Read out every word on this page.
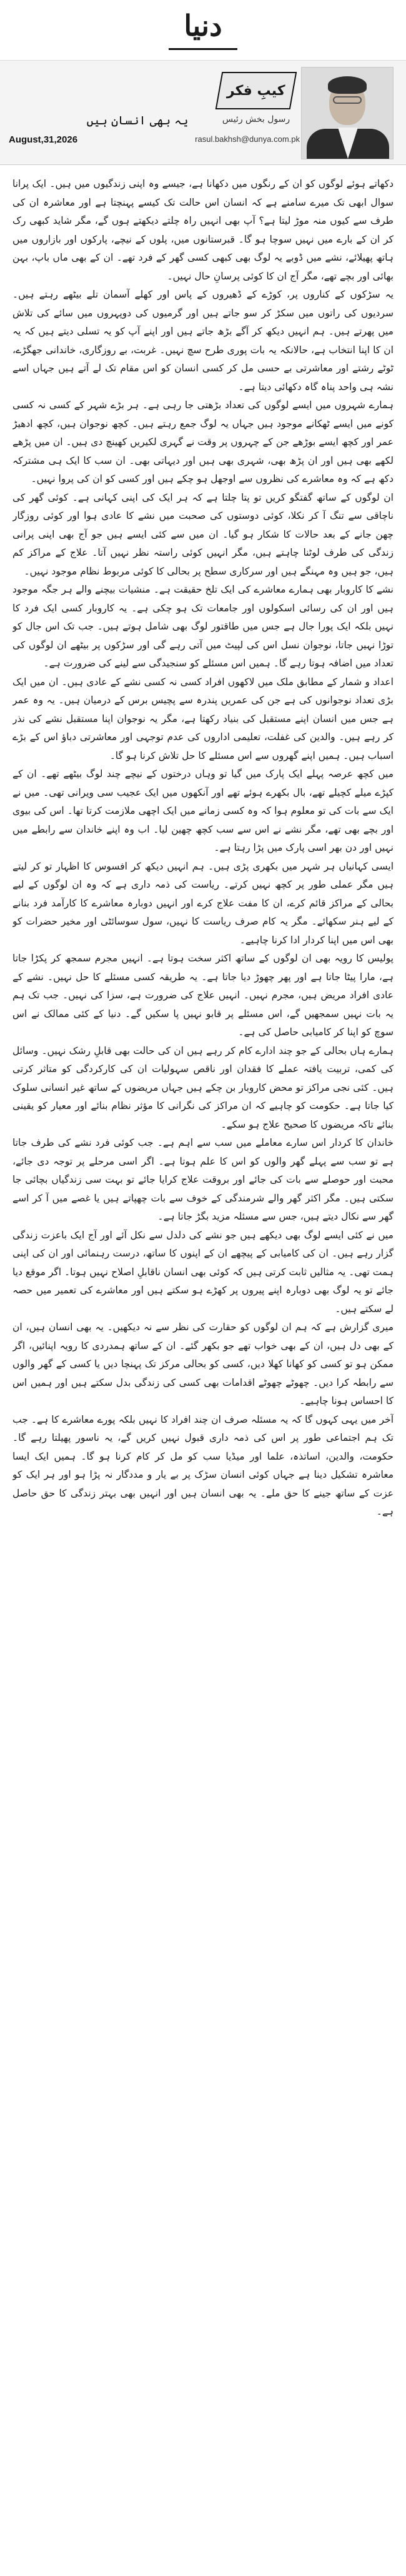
دنیا
کیبِ فکر
رسول بخش رئیس
یہ بھی انسان ہیں
August,31,2026	rasul.bakhsh@dunya.com.pk

دکھاتے ہوئے لوگوں کو ان کے رنگوں میں دکھانا ہے، جیسے وہ اپنی زندگیوں میں ہیں۔ ایک پرانا سوال ابھی تک میرے سامنے ہے کہ انسان اس حالت تک کیسے پہنچتا ہے اور معاشرہ ان کی طرف سے کیوں منہ موڑ لیتا ہے؟ آپ بھی انہیں راہ چلتے دیکھتے ہوں گے، مگر شاید کبھی رک کر ان کے بارے میں نہیں سوچا ہو گا۔ قبرستانوں میں، پلوں کے نیچے، پارکوں اور بازاروں میں ہاتھ پھیلائے، نشے میں ڈوبے یہ لوگ بھی کبھی کسی گھر کے فرد تھے۔ ان کے بھی ماں باپ، بہن بھائی اور بچے تھے، مگر آج ان کا کوئی پرسانِ حال نہیں۔

یہ سڑکوں کے کناروں پر، کوڑے کے ڈھیروں کے پاس اور کھلے آسمان تلے بیٹھے رہتے ہیں۔ سردیوں کی راتوں میں سکڑ کر سو جاتے ہیں اور گرمیوں کی دوپہروں میں سائے کی تلاش میں پھرتے ہیں۔ ہم انہیں دیکھ کر آگے بڑھ جاتے ہیں اور اپنے آپ کو یہ تسلی دیتے ہیں کہ یہ ان کا اپنا انتخاب ہے، حالانکہ یہ بات پوری طرح سچ نہیں۔ غربت، بے روزگاری، خاندانی جھگڑے، ٹوٹے رشتے اور معاشرتی بے حسی مل کر کسی انسان کو اس مقام تک لے آتے ہیں جہاں اسے نشہ ہی واحد پناہ گاہ دکھائی دیتا ہے۔

ہمارے شہروں میں ایسے لوگوں کی تعداد بڑھتی جا رہی ہے۔ ہر بڑے شہر کے کسی نہ کسی کونے میں ایسے ٹھکانے موجود ہیں جہاں یہ لوگ جمع رہتے ہیں۔ کچھ نوجوان ہیں، کچھ ادھیڑ عمر اور کچھ ایسے بوڑھے جن کے چہروں پر وقت نے گہری لکیریں کھینچ دی ہیں۔ ان میں پڑھے لکھے بھی ہیں اور ان پڑھ بھی، شہری بھی ہیں اور دیہاتی بھی۔ ان سب کا ایک ہی مشترکہ دکھ ہے کہ وہ معاشرے کی نظروں سے اوجھل ہو چکے ہیں اور کسی کو ان کی پروا نہیں۔

ان لوگوں کے ساتھ گفتگو کریں تو پتا چلتا ہے کہ ہر ایک کی اپنی کہانی ہے۔ کوئی گھر کی ناچاقی سے تنگ آ کر نکلا، کوئی دوستوں کی صحبت میں نشے کا عادی ہوا اور کوئی روزگار چھن جانے کے بعد حالات کا شکار ہو گیا۔ ان میں سے کئی ایسے ہیں جو آج بھی اپنی پرانی زندگی کی طرف لوٹنا چاہتے ہیں، مگر انہیں کوئی راستہ نظر نہیں آتا۔ علاج کے مراکز کم ہیں، جو ہیں وہ مہنگے ہیں اور سرکاری سطح پر بحالی کا کوئی مربوط نظام موجود نہیں۔

نشے کا کاروبار بھی ہمارے معاشرے کی ایک تلخ حقیقت ہے۔ منشیات بیچنے والے ہر جگہ موجود ہیں اور ان کی رسائی اسکولوں اور جامعات تک ہو چکی ہے۔ یہ کاروبار کسی ایک فرد کا نہیں بلکہ ایک پورا جال ہے جس میں طاقتور لوگ بھی شامل ہوتے ہیں۔ جب تک اس جال کو توڑا نہیں جاتا، نوجوان نسل اس کی لپیٹ میں آتی رہے گی اور سڑکوں پر بیٹھے ان لوگوں کی تعداد میں اضافہ ہوتا رہے گا۔ ہمیں اس مسئلے کو سنجیدگی سے لینے کی ضرورت ہے۔

اعداد و شمار کے مطابق ملک میں لاکھوں افراد کسی نہ کسی نشے کے عادی ہیں۔ ان میں ایک بڑی تعداد نوجوانوں کی ہے جن کی عمریں پندرہ سے پچیس برس کے درمیان ہیں۔ یہ وہ عمر ہے جس میں انسان اپنے مستقبل کی بنیاد رکھتا ہے، مگر یہ نوجوان اپنا مستقبل نشے کی نذر کر رہے ہیں۔ والدین کی غفلت، تعلیمی اداروں کی عدم توجہی اور معاشرتی دباؤ اس کے بڑے اسباب ہیں۔ ہمیں اپنے گھروں سے اس مسئلے کا حل تلاش کرنا ہو گا۔

میں کچھ عرصہ پہلے ایک پارک میں گیا تو وہاں درختوں کے نیچے چند لوگ بیٹھے تھے۔ ان کے کپڑے میلے کچیلے تھے، بال بکھرے ہوئے تھے اور آنکھوں میں ایک عجیب سی ویرانی تھی۔ میں نے ایک سے بات کی تو معلوم ہوا کہ وہ کسی زمانے میں ایک اچھی ملازمت کرتا تھا۔ اس کی بیوی اور بچے بھی تھے، مگر نشے نے اس سے سب کچھ چھین لیا۔ اب وہ اپنے خاندان سے رابطے میں نہیں اور دن بھر اسی پارک میں پڑا رہتا ہے۔

ایسی کہانیاں ہر شہر میں بکھری پڑی ہیں۔ ہم انہیں دیکھ کر افسوس کا اظہار تو کر لیتے ہیں مگر عملی طور پر کچھ نہیں کرتے۔ ریاست کی ذمہ داری ہے کہ وہ ان لوگوں کے لیے بحالی کے مراکز قائم کرے، ان کا مفت علاج کرے اور انہیں دوبارہ معاشرے کا کارآمد فرد بنانے کے لیے ہنر سکھائے۔ مگر یہ کام صرف ریاست کا نہیں، سول سوسائٹی اور مخیر حضرات کو بھی اس میں اپنا کردار ادا کرنا چاہیے۔

پولیس کا رویہ بھی ان لوگوں کے ساتھ اکثر سخت ہوتا ہے۔ انہیں مجرم سمجھ کر پکڑا جاتا ہے، مارا پیٹا جاتا ہے اور پھر چھوڑ دیا جاتا ہے۔ یہ طریقہ کسی مسئلے کا حل نہیں۔ نشے کے عادی افراد مریض ہیں، مجرم نہیں۔ انہیں علاج کی ضرورت ہے، سزا کی نہیں۔ جب تک ہم یہ بات نہیں سمجھیں گے، اس مسئلے پر قابو نہیں پا سکیں گے۔ دنیا کے کئی ممالک نے اس سوچ کو اپنا کر کامیابی حاصل کی ہے۔

ہمارے ہاں بحالی کے جو چند ادارے کام کر رہے ہیں ان کی حالت بھی قابلِ رشک نہیں۔ وسائل کی کمی، تربیت یافتہ عملے کا فقدان اور ناقص سہولیات ان کی کارکردگی کو متاثر کرتی ہیں۔ کئی نجی مراکز تو محض کاروبار بن چکے ہیں جہاں مریضوں کے ساتھ غیر انسانی سلوک کیا جاتا ہے۔ حکومت کو چاہیے کہ ان مراکز کی نگرانی کا مؤثر نظام بنائے اور معیار کو یقینی بنائے تاکہ مریضوں کا صحیح علاج ہو سکے۔

خاندان کا کردار اس سارے معاملے میں سب سے اہم ہے۔ جب کوئی فرد نشے کی طرف جاتا ہے تو سب سے پہلے گھر والوں کو اس کا علم ہوتا ہے۔ اگر اسی مرحلے پر توجہ دی جائے، محبت اور حوصلے سے بات کی جائے اور بروقت علاج کرایا جائے تو بہت سی زندگیاں بچائی جا سکتی ہیں۔ مگر اکثر گھر والے شرمندگی کے خوف سے بات چھپاتے ہیں یا غصے میں آ کر اسے گھر سے نکال دیتے ہیں، جس سے مسئلہ مزید بگڑ جاتا ہے۔

میں نے کئی ایسے لوگ بھی دیکھے ہیں جو نشے کی دلدل سے نکل آئے اور آج ایک باعزت زندگی گزار رہے ہیں۔ ان کی کامیابی کے پیچھے ان کے اپنوں کا ساتھ، درست رہنمائی اور ان کی اپنی ہمت تھی۔ یہ مثالیں ثابت کرتی ہیں کہ کوئی بھی انسان ناقابلِ اصلاح نہیں ہوتا۔ اگر موقع دیا جائے تو یہ لوگ بھی دوبارہ اپنے پیروں پر کھڑے ہو سکتے ہیں اور معاشرے کی تعمیر میں حصہ لے سکتے ہیں۔

میری گزارش ہے کہ ہم ان لوگوں کو حقارت کی نظر سے نہ دیکھیں۔ یہ بھی انسان ہیں، ان کے بھی دل ہیں، ان کے بھی خواب تھے جو بکھر گئے۔ ان کے ساتھ ہمدردی کا رویہ اپنائیں، اگر ممکن ہو تو کسی کو کھانا کھلا دیں، کسی کو بحالی مرکز تک پہنچا دیں یا کسی کے گھر والوں سے رابطہ کرا دیں۔ چھوٹے چھوٹے اقدامات بھی کسی کی زندگی بدل سکتے ہیں اور ہمیں اس کا احساس ہونا چاہیے۔

آخر میں یہی کہوں گا کہ یہ مسئلہ صرف ان چند افراد کا نہیں بلکہ پورے معاشرے کا ہے۔ جب تک ہم اجتماعی طور پر اس کی ذمہ داری قبول نہیں کریں گے، یہ ناسور پھیلتا رہے گا۔ حکومت، والدین، اساتذہ، علما اور میڈیا سب کو مل کر کام کرنا ہو گا۔ ہمیں ایک ایسا معاشرہ تشکیل دینا ہے جہاں کوئی انسان سڑک پر بے یار و مددگار نہ پڑا ہو اور ہر ایک کو عزت کے ساتھ جینے کا حق ملے۔ یہ بھی انسان ہیں اور انہیں بھی بہتر زندگی کا حق حاصل ہے۔
